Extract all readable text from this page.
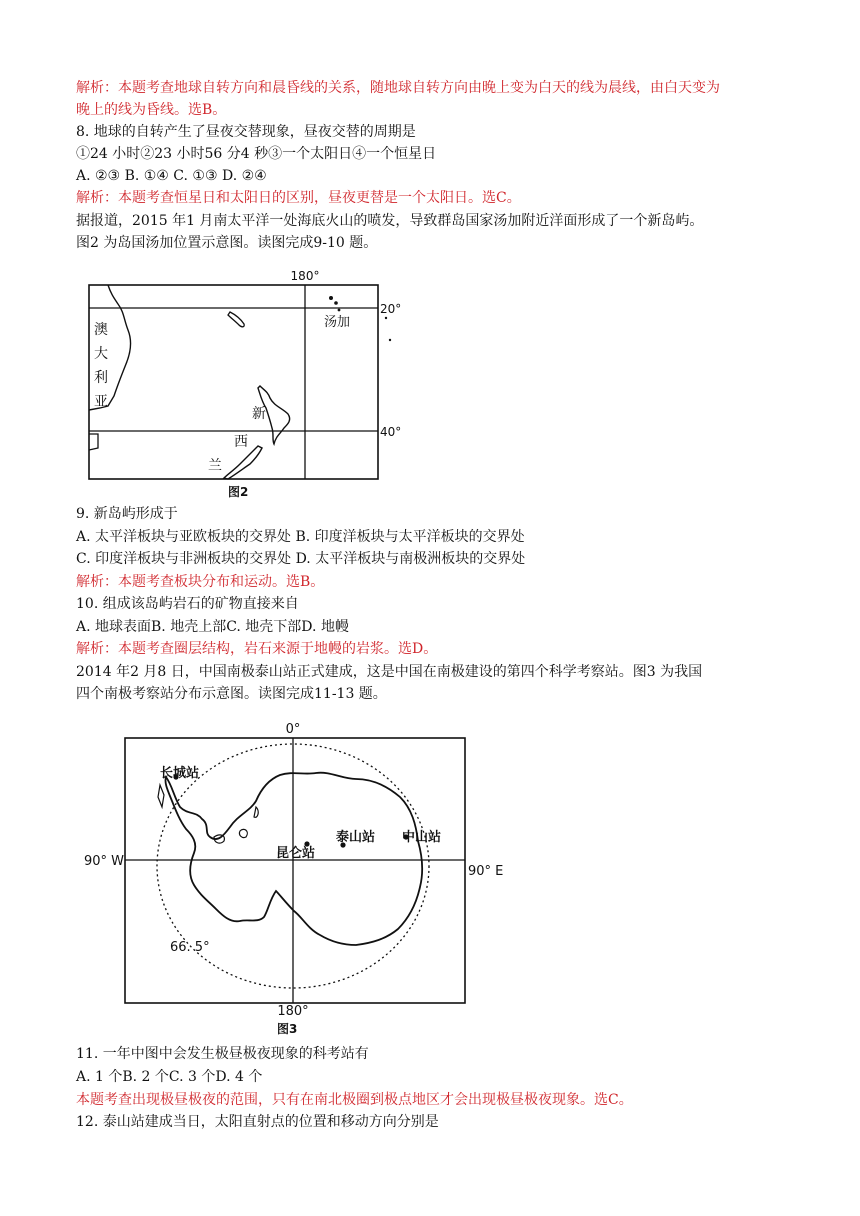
解析：本题考查地球自转方向和晨昏线的关系，随地球自转方向由晚上变为白天的线为晨线，由白天变为
晚上的线为昏线。选B。
8. 地球的自转产生了昼夜交替现象，昼夜交替的周期是
①24 小时②23 小时56 分4 秒③一个太阳日④一个恒星日
A. ②③ B. ①④ C. ①③ D. ②④
解析：本题考查恒星日和太阳日的区别，昼夜更替是一个太阳日。选C。
据报道，2015 年1 月南太平洋一处海底火山的喷发，导致群岛国家汤加附近洋面形成了一个新岛屿。
图2 为岛国汤加位置示意图。读图完成9-10 题。
180°
20°
40°
汤加
澳
大
利
亚
新
西
兰
图2
9. 新岛屿形成于
A. 太平洋板块与亚欧板块的交界处 B. 印度洋板块与太平洋板块的交界处
C. 印度洋板块与非洲板块的交界处 D. 太平洋板块与南极洲板块的交界处
解析：本题考查板块分布和运动。选B。
10. 组成该岛屿岩石的矿物直接来自
A. 地球表面B. 地壳上部C. 地壳下部D. 地幔
解析：本题考查圈层结构，岩石来源于地幔的岩浆。选D。
2014 年2 月8 日，中国南极泰山站正式建成，这是中国在南极建设的第四个科学考察站。图3 为我国
四个南极考察站分布示意图。读图完成11-13 题。
0°
180°
90° W
90° E
66. 5°
长城站
泰山站 中山站
昆仑站
图3
11. 一年中图中会发生极昼极夜现象的科考站有
A. 1 个B. 2 个C. 3 个D. 4 个
本题考查出现极昼极夜的范围，只有在南北极圈到极点地区才会出现极昼极夜现象。选C。
12. 泰山站建成当日，太阳直射点的位置和移动方向分别是
